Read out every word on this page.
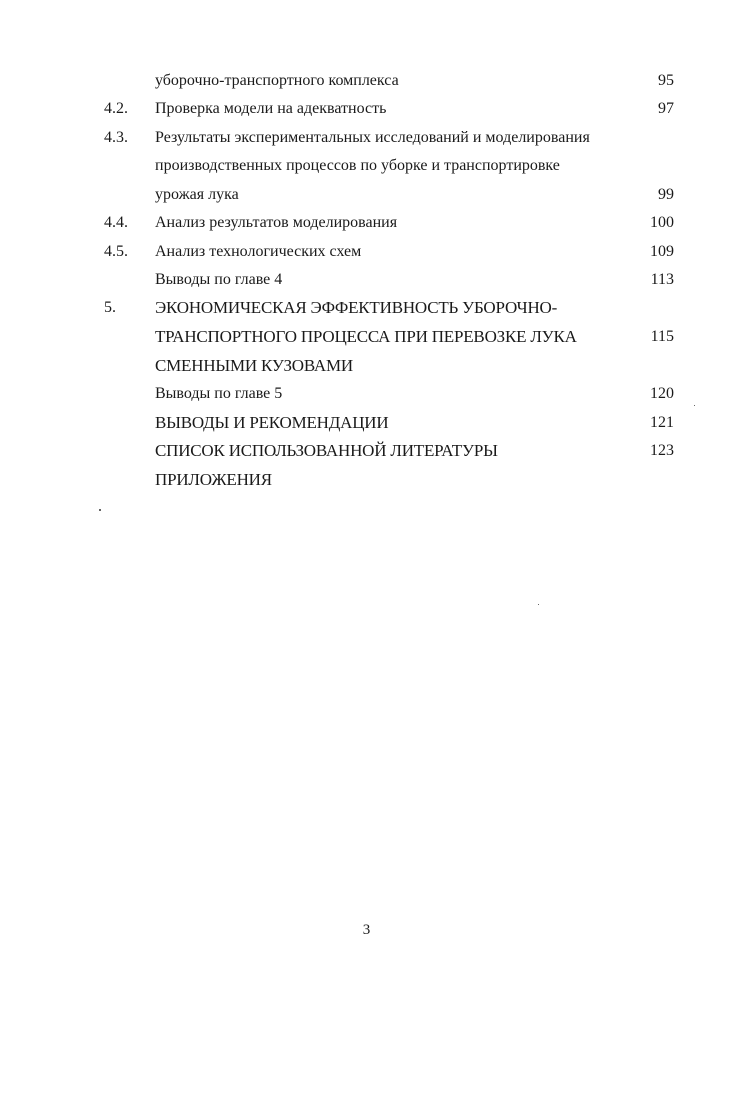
уборочно-транспортного комплекса	95
4.2. Проверка модели на адекватность	97
4.3. Результаты экспериментальных исследований и моделирования
производственных процессов по уборке и транспортировке
урожая лука	99
4.4. Анализ результатов моделирования	100
4.5. Анализ технологических схем	109
Выводы по главе 4	113
5. ЭКОНОМИЧЕСКАЯ ЭФФЕКТИВНОСТЬ УБОРОЧНО-
ТРАНСПОРТНОГО ПРОЦЕССА ПРИ ПЕРЕВОЗКЕ ЛУКА	115
СМЕННЫМИ КУЗОВАМИ
Выводы по главе 5	120
ВЫВОДЫ И РЕКОМЕНДАЦИИ	121
СПИСОК ИСПОЛЬЗОВАННОЙ ЛИТЕРАТУРЫ	123
ПРИЛОЖЕНИЯ
3
